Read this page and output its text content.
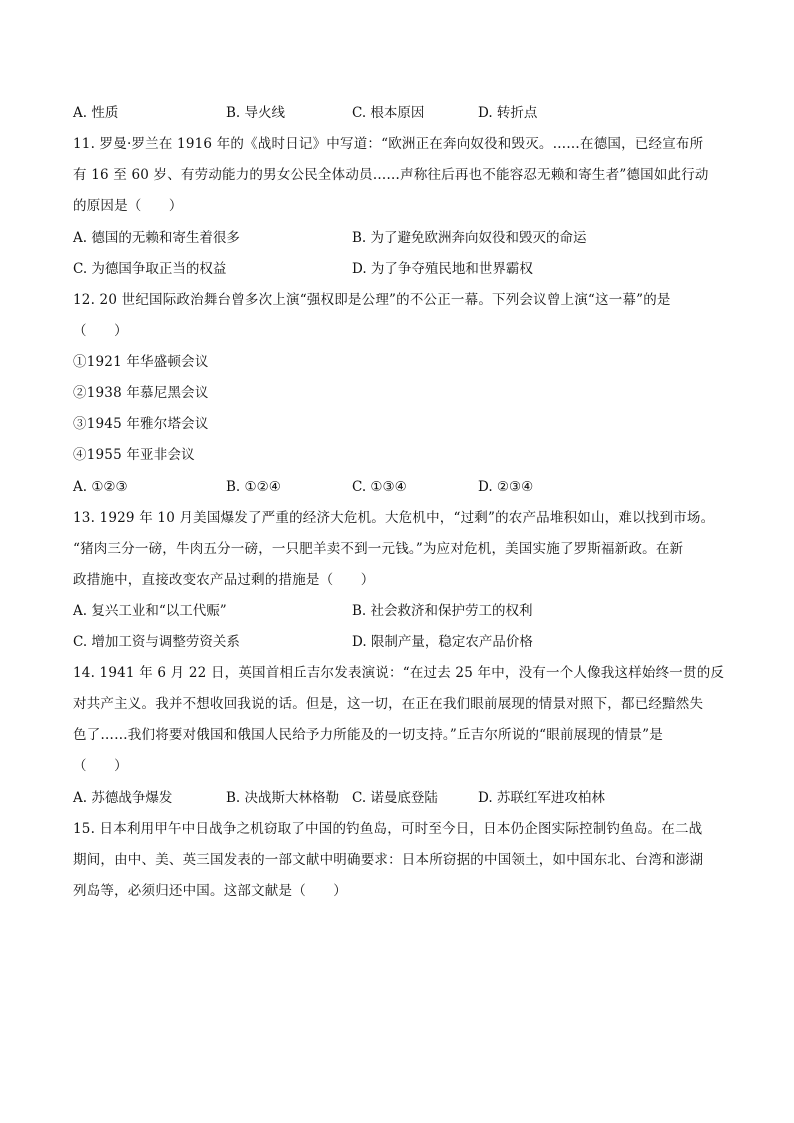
A. 性质	B. 导火线	C. 根本原因	D. 转折点
11. 罗曼·罗兰在 1916 年的《战时日记》中写道：“欧洲正在奔向奴役和毁灭。……在德国，已经宣布所
有 16 至 60 岁、有劳动能力的男女公民全体动员……声称往后再也不能容忍无赖和寄生者”德国如此行动
的原因是（　　）
A. 德国的无赖和寄生着很多	B. 为了避免欧洲奔向奴役和毁灭的命运
C. 为德国争取正当的权益	D. 为了争夺殖民地和世界霸权
12. 20 世纪国际政治舞台曾多次上演“强权即是公理”的不公正一幕。下列会议曾上演“这一幕”的是
（　　）
①1921 年华盛顿会议
②1938 年慕尼黑会议
③1945 年雅尔塔会议
④1955 年亚非会议
A. ①②③	B. ①②④	C. ①③④	D. ②③④
13. 1929 年 10 月美国爆发了严重的经济大危机。大危机中，“过剩”的农产品堆积如山，难以找到市场。
“猪肉三分一磅，牛肉五分一磅，一只肥羊卖不到一元钱。”为应对危机，美国实施了罗斯福新政。在新
政措施中，直接改变农产品过剩的措施是（　　）
A. 复兴工业和“以工代赈”	B. 社会救济和保护劳工的权利
C. 增加工资与调整劳资关系	D. 限制产量，稳定农产品价格
14. 1941 年 6 月 22 日，英国首相丘吉尔发表演说：“在过去 25 年中，没有一个人像我这样始终一贯的反
对共产主义。我并不想收回我说的话。但是，这一切，在正在我们眼前展现的情景对照下，都已经黯然失
色了……我们将要对俄国和俄国人民给予力所能及的一切支持。”丘吉尔所说的“眼前展现的情景”是
（　　）
A. 苏德战争爆发	B. 决战斯大林格勒 C. 诺曼底登陆	D. 苏联红军进攻柏林
15. 日本利用甲午中日战争之机窃取了中国的钓鱼岛，可时至今日，日本仍企图实际控制钓鱼岛。在二战
期间，由中、美、英三国发表的一部文献中明确要求：日本所窃据的中国领土，如中国东北、台湾和澎湖
列岛等，必须归还中国。这部文献是（　　）
